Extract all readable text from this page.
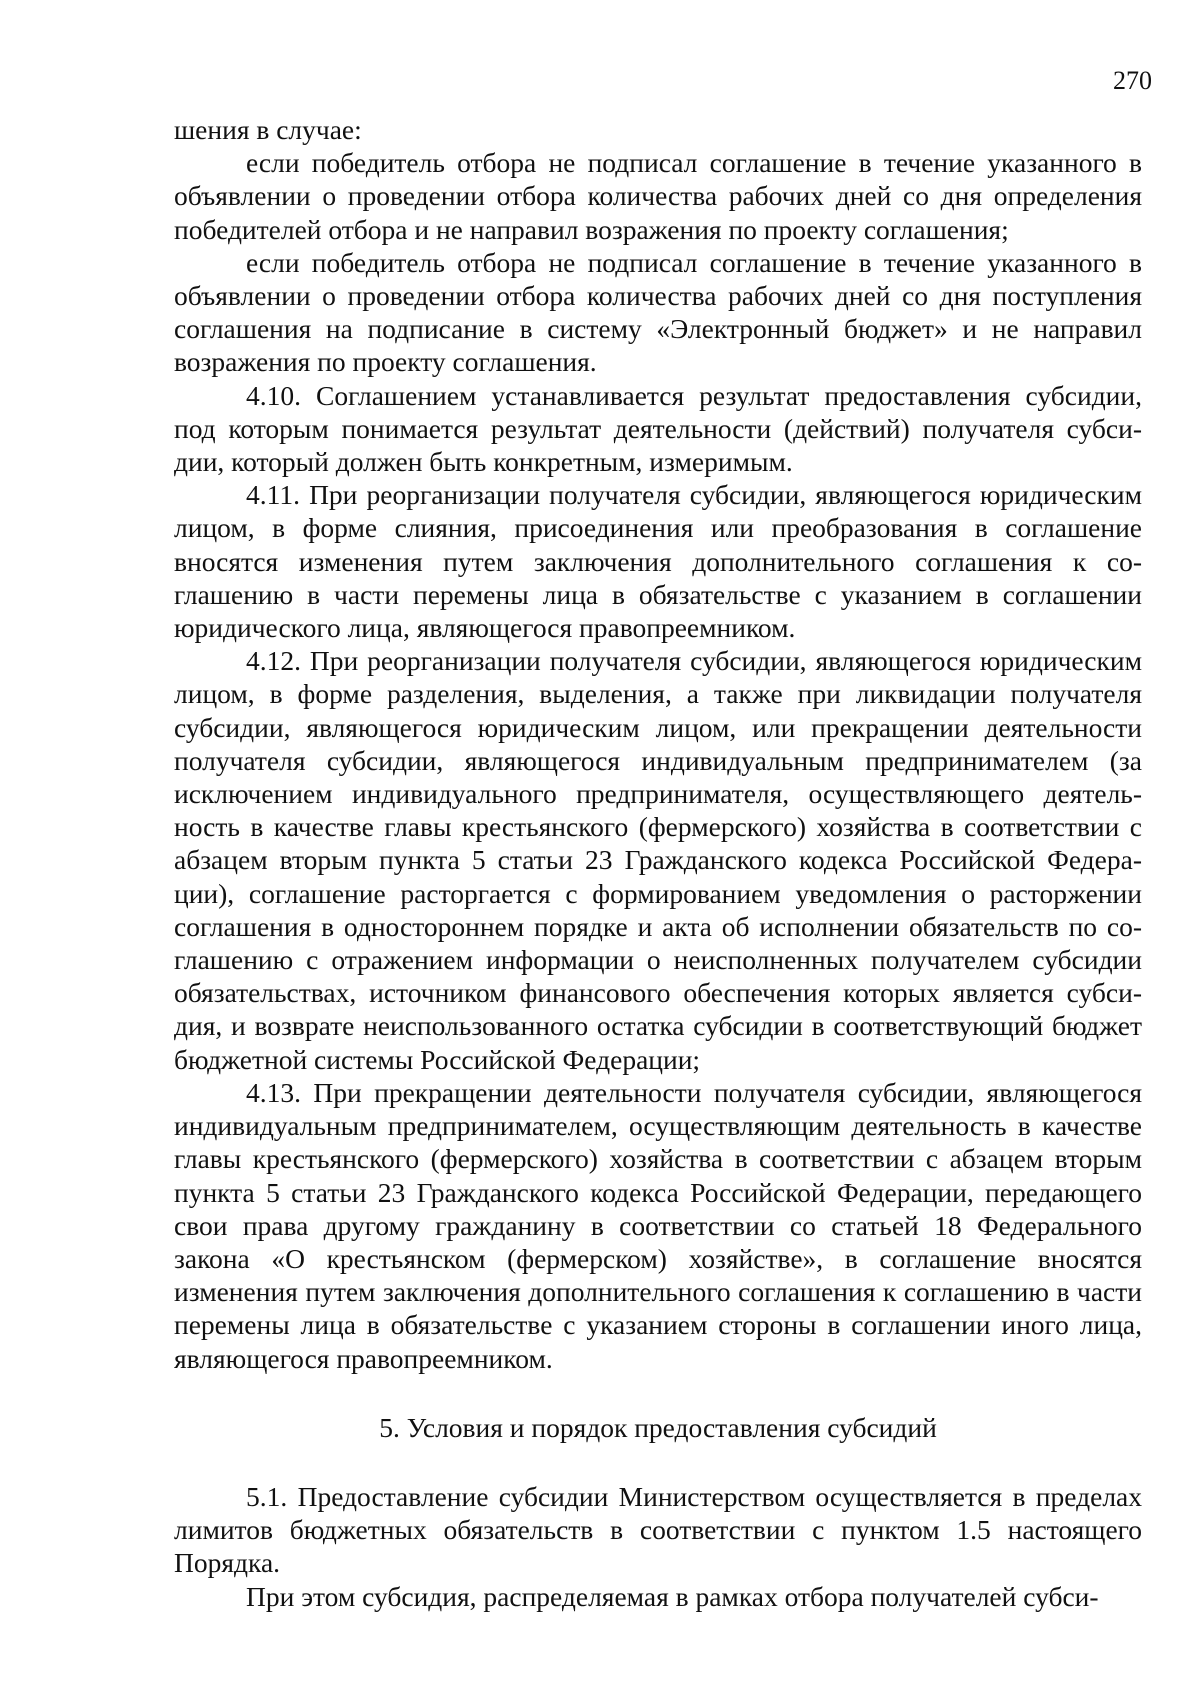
270

шения в случае:

если победитель отбора не подписал соглашение в течение указанного в объявлении о проведении отбора количества рабочих дней со дня определения победителей отбора и не направил возражения по проекту соглашения;

если победитель отбора не подписал соглашение в течение указанного в объявлении о проведении отбора количества рабочих дней со дня поступления соглашения на подписание в систему «Электронный бюджет» и не направил возражения по проекту соглашения.

4.10. Соглашением устанавливается результат предоставления субсидии, под которым понимается результат деятельности (действий) получателя субсидии, который должен быть конкретным, измеримым.

4.11. При реорганизации получателя субсидии, являющегося юридическим лицом, в форме слияния, присоединения или преобразования в соглашение вносятся изменения путем заключения дополнительного соглашения к соглашению в части перемены лица в обязательстве с указанием в соглашении юридического лица, являющегося правопреемником.

4.12. При реорганизации получателя субсидии, являющегося юридическим лицом, в форме разделения, выделения, а также при ликвидации получателя субсидии, являющегося юридическим лицом, или прекращении деятельности получателя субсидии, являющегося индивидуальным предпринимателем (за исключением индивидуального предпринимателя, осуществляющего деятельность в качестве главы крестьянского (фермерского) хозяйства в соответствии с абзацем вторым пункта 5 статьи 23 Гражданского кодекса Российской Федерации), соглашение расторгается с формированием уведомления о расторжении соглашения в одностороннем порядке и акта об исполнении обязательств по соглашению с отражением информации о неисполненных получателем субсидии обязательствах, источником финансового обеспечения которых является субсидия, и возврате неиспользованного остатка субсидии в соответствующий бюджет бюджетной системы Российской Федерации;

4.13. При прекращении деятельности получателя субсидии, являющегося индивидуальным предпринимателем, осуществляющим деятельность в качестве главы крестьянского (фермерского) хозяйства в соответствии с абзацем вторым пункта 5 статьи 23 Гражданского кодекса Российской Федерации, передающего свои права другому гражданину в соответствии со статьей 18 Федерального закона «О крестьянском (фермерском) хозяйстве», в соглашение вносятся изменения путем заключения дополнительного соглашения к соглашению в части перемены лица в обязательстве с указанием стороны в соглашении иного лица, являющегося правопреемником.

5. Условия и порядок предоставления субсидий

5.1. Предоставление субсидии Министерством осуществляется в пределах лимитов бюджетных обязательств в соответствии с пунктом 1.5 настоящего Порядка.

При этом субсидия, распределяемая в рамках отбора получателей субси-
